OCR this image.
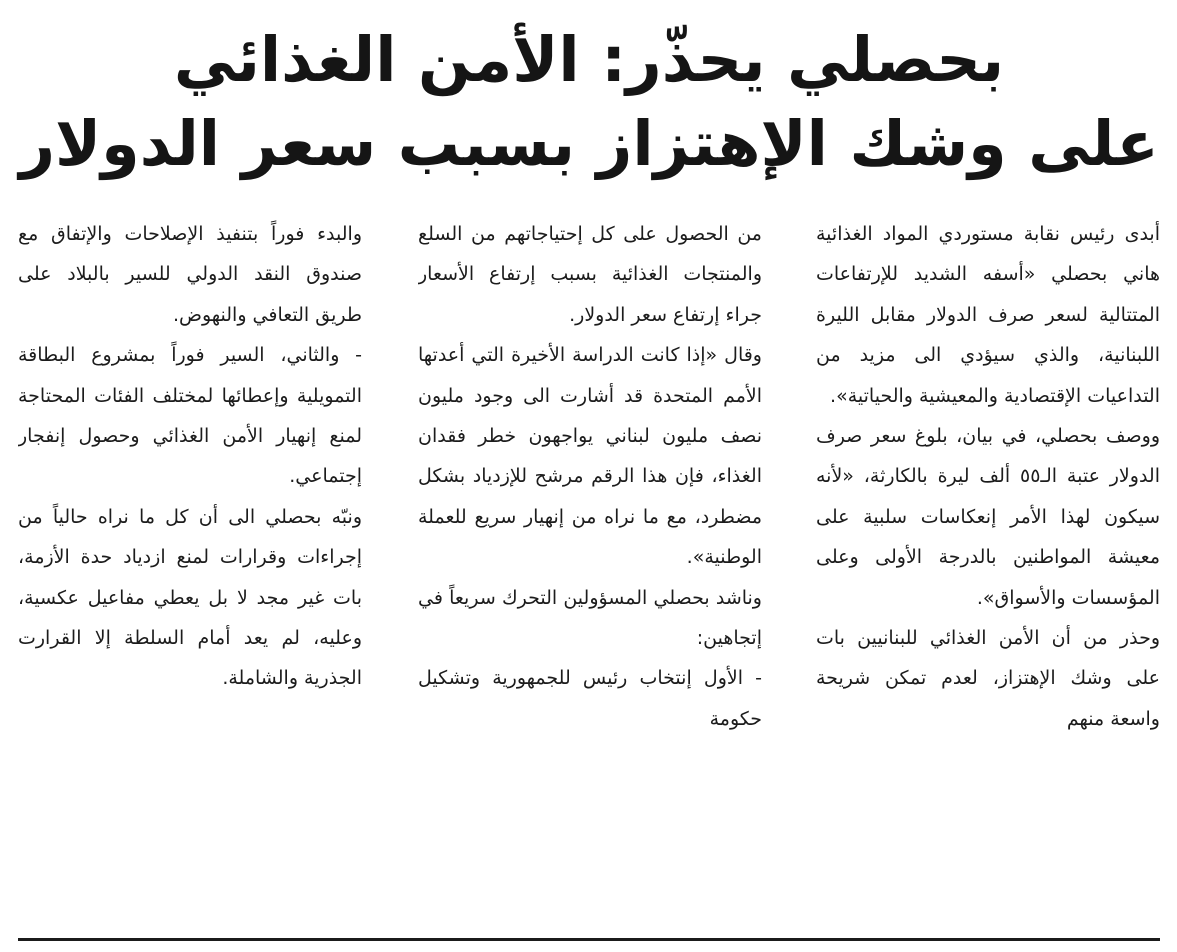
بحصلي يحذّر: الأمن الغذائي
على وشك الإهتزاز بسبب سعر الدولار

أبدى رئيس نقابة مستوردي المواد الغذائية هاني بحصلي «أسفه الشديد للإرتفاعات المتتالية لسعر صرف الدولار مقابل الليرة اللبنانية، والذي سيؤدي الى مزيد من التداعيات الإقتصادية والمعيشية والحياتية».

ووصف بحصلي، في بيان، بلوغ سعر صرف الدولار عتبة الـ٥٥ ألف ليرة بالكارثة، «لأنه سيكون لهذا الأمر إنعكاسات سلبية على معيشة المواطنين بالدرجة الأولى وعلى المؤسسات والأسواق».

وحذر من أن الأمن الغذائي للبنانيين بات على وشك الإهتزاز، لعدم تمكن شريحة واسعة منهم

من الحصول على كل إحتياجاتهم من السلع والمنتجات الغذائية بسبب إرتفاع الأسعار جراء إرتفاع سعر الدولار.

وقال «إذا كانت الدراسة الأخيرة التي أعدتها الأمم المتحدة قد أشارت الى وجود مليون نصف مليون لبناني يواجهون خطر فقدان الغذاء، فإن هذا الرقم مرشح للإزدياد بشكل مضطرد، مع ما نراه من إنهيار سريع للعملة الوطنية».

وناشد بحصلي المسؤولين التحرك سريعاً في إتجاهين:

- الأول إنتخاب رئيس للجمهورية وتشكيل حكومة

والبدء فوراً بتنفيذ الإصلاحات والإتفاق مع صندوق النقد الدولي للسير بالبلاد على طريق التعافي والنهوض.

- والثاني، السير فوراً بمشروع البطاقة التمويلية وإعطائها لمختلف الفئات المحتاجة لمنع إنهيار الأمن الغذائي وحصول إنفجار إجتماعي.

ونبّه بحصلي الى أن كل ما نراه حالياً من إجراءات وقرارات لمنع ازدياد حدة الأزمة، بات غير مجد لا بل يعطي مفاعيل عكسية، وعليه، لم يعد أمام السلطة إلا القرارت الجذرية والشاملة.
